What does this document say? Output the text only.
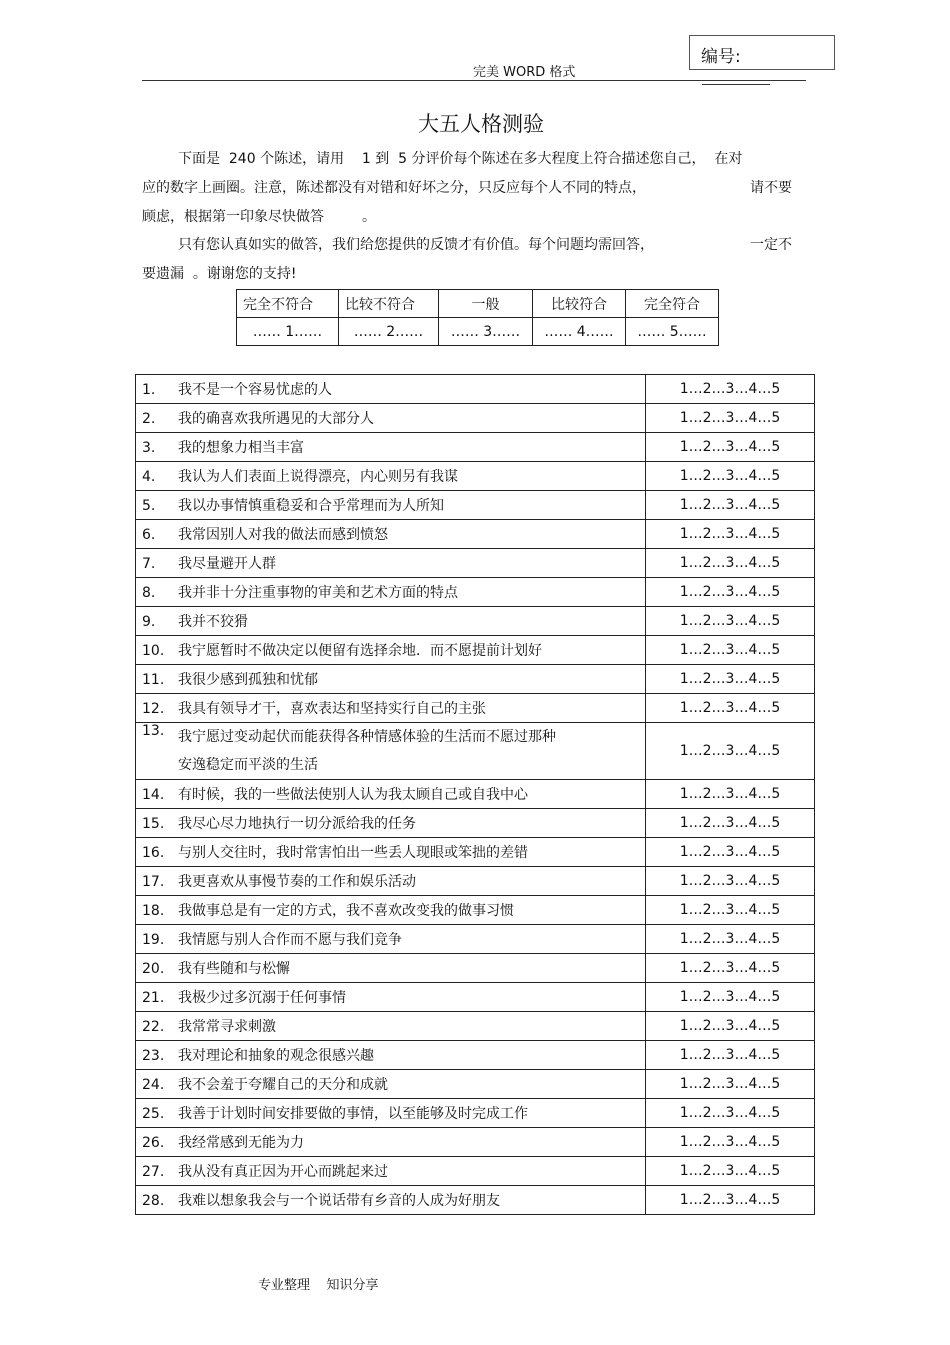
完美 WORD 格式
编号:
大五人格测验
下面是  240 个陈述，请用    1 到  5 分评价每个陈述在多大程度上符合描述您自己，  在对
应的数字上画圈。注意，陈述都没有对错和好坏之分，只反应每个人不同的特点，	请不要
顾虑，根据第一印象尽快做答	。
只有您认真如实的做答，我们给您提供的反馈才有价值。每个问题均需回答，	一定不
要遗漏  。谢谢您的支持!
完全不符合	比较不符合	一般	比较符合	完全符合
…… 1……	…… 2……	…… 3……	…… 4……	…… 5……
1. 我不是一个容易忧虑的人	1…2…3…4…5
2. 我的确喜欢我所遇见的大部分人	1…2…3…4…5
3. 我的想象力相当丰富	1…2…3…4…5
4. 我认为人们表面上说得漂亮，内心则另有我谋	1…2…3…4…5
5. 我以办事情慎重稳妥和合乎常理而为人所知	1…2…3…4…5
6. 我常因别人对我的做法而感到愤怒	1…2…3…4…5
7. 我尽量避开人群	1…2…3…4…5
8. 我并非十分注重事物的审美和艺术方面的特点	1…2…3…4…5
9. 我并不狡猾	1…2…3…4…5
10. 我宁愿暂时不做决定以便留有选择余地．而不愿提前计划好	1…2…3…4…5
11. 我很少感到孤独和忧郁	1…2…3…4…5
12. 我具有领导才干，喜欢表达和坚持实行自己的主张	1…2…3…4…5
13. 我宁愿过变动起伏而能获得各种情感体验的生活而不愿过那种
安逸稳定而平淡的生活	1…2…3…4…5
14. 有时候，我的一些做法使别人认为我太顾自己或自我中心	1…2…3…4…5
15. 我尽心尽力地执行一切分派给我的任务	1…2…3…4…5
16. 与别人交往时，我时常害怕出一些丢人现眼或笨拙的差错	1…2…3…4…5
17. 我更喜欢从事慢节奏的工作和娱乐活动	1…2…3…4…5
18. 我做事总是有一定的方式，我不喜欢改变我的做事习惯	1…2…3…4…5
19. 我情愿与别人合作而不愿与我们竞争	1…2…3…4…5
20. 我有些随和与松懈	1…2…3…4…5
21. 我极少过多沉溺于任何事情	1…2…3…4…5
22. 我常常寻求刺激	1…2…3…4…5
23. 我对理论和抽象的观念很感兴趣	1…2…3…4…5
24. 我不会羞于夸耀自己的天分和成就	1…2…3…4…5
25. 我善于计划时间安排要做的事情，以至能够及时完成工作	1…2…3…4…5
26. 我经常感到无能为力	1…2…3…4…5
27. 我从没有真正因为开心而跳起来过	1…2…3…4…5
28. 我难以想象我会与一个说话带有乡音的人成为好朋友	1…2…3…4…5
专业整理    知识分享
